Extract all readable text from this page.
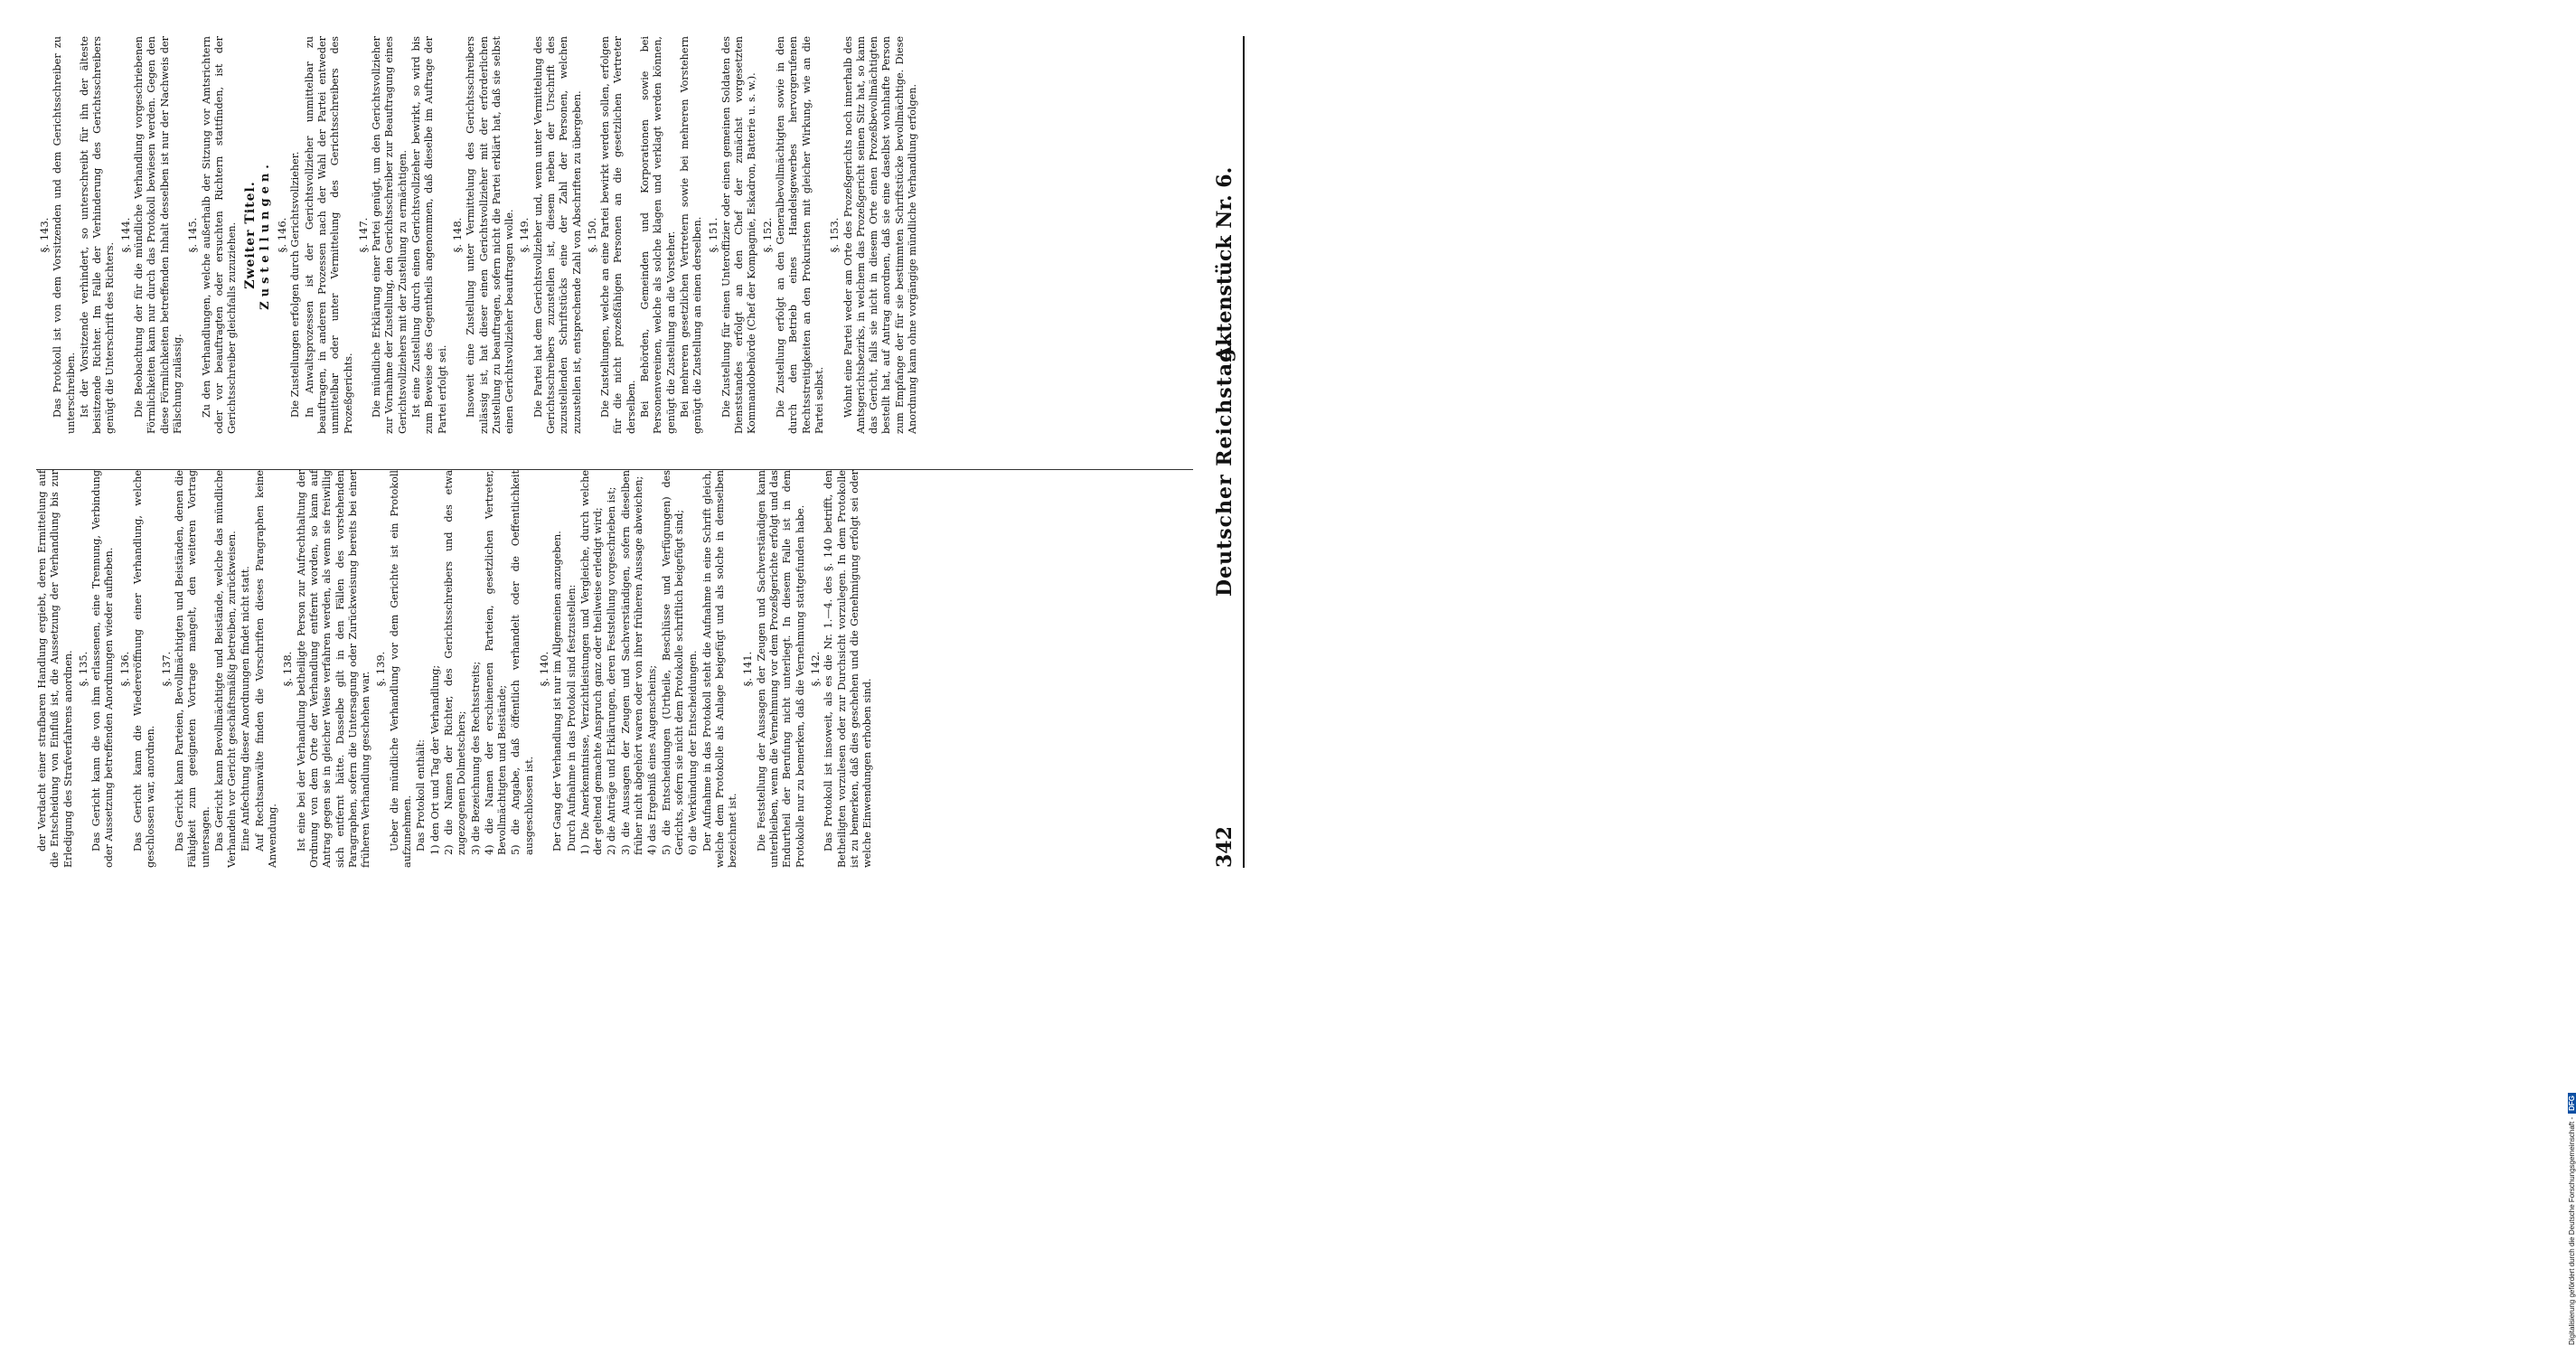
der Verdacht einer strafbaren Handlung ergiebt, deren Ermittelung auf die Entscheidung von Einfluß ist, die Aussetzung der Verhandlung bis zur Erledigung des Strafverfahrens anordnen. §. 135. Das Gericht kann die von ihm erlassenen, eine Trennung, Verbindung oder Aussetzung betreffenden Anordnungen wieder aufheben. §. 136. Das Gericht kann die Wiedereröffnung einer Verhandlung, welche geschlossen war, anordnen.

§. 137. Das Gericht kann Parteien, Bevollmächtigten und Beiständen, denen die Fähigkeit zum geeigneten Vortrage mangelt, den weiteren Vortrag untersagen. Das Gericht kann Bevollmächtigte und Beistände, welche das mündliche Verhandeln vor Gericht geschäftsmäßig betreiben, zurückweisen. Eine Anfechtung dieser Anordnungen findet nicht statt. Auf Rechtsanwälte finden die Vorschriften dieses Paragraphen keine Anwendung.

§. 138. Ist eine bei der Verhandlung betheiligte Person zur Aufrechthaltung der Ordnung von dem Orte der Verhandlung entfernt worden, so kann auf Antrag gegen sie in gleicher Weise verfahren werden, als wenn sie freiwillig sich entfernt hätte. Dasselbe gilt in den Fällen des vorstehenden Paragraphen, sofern die Untersagung oder Zurückweisung bereits bei einer früheren Verhandlung geschehen war.

§. 139. Ueber die mündliche Verhandlung vor dem Gerichte ist ein Protokoll aufzunehmen. Das Protokoll enthält: 1) den Ort und Tag der Verhandlung; 2) die Namen der Richter, des Gerichtsschreibers und des etwa zugezogenen Dolmetschers; 3) die Bezeichnung des Rechtsstreits; 4) die Namen der erschienenen Parteien, gesetzlichen Vertreter, Bevollmächtigten und Beistände; 5) die Angabe, daß öffentlich verhandelt oder die Oeffentlichkeit ausgeschlossen ist.
§. 140. Der Gang der Verhandlung ist nur im Allgemeinen anzugeben. Durch Aufnahme in das Protokoll sind festzustellen: 1) Die Anerkenntnisse, Verzichtleistungen und Vergleiche, durch welche der geltend gemachte Anspruch ganz oder theilweise erledigt wird; 2) die Anträge und Erklärungen, deren Feststellung vorgeschrieben ist; 3) die Aussagen der Zeugen und Sachverständigen, sofern dieselben früher nicht abgehört waren oder von ihrer früheren Aussage abweichen; 4) das Ergebniß eines Augenscheins; 5) die Entscheidungen (Urtheile, Beschlüsse und Verfügungen) des Gerichts, sofern sie nicht dem Protokolle schriftlich beigefügt sind; 6) die Verkündung der Entscheidungen. Der Aufnahme in das Protokoll steht die Aufnahme in eine Schrift gleich, welche dem Protokolle als Anlage beigefügt und als solche in demselben bezeichnet ist.

§. 141. Die Feststellung der Aussagen der Zeugen und Sachverständigen kann unterbleiben, wenn die Vernehmung vor dem Prozeßgerichte erfolgt und das Endurtheil der Berufung nicht unterliegt. In diesem Falle ist in dem Protokolle nur zu bemerken, daß die Vernehmung stattgefunden habe. §. 142. Das Protokoll ist insoweit, als es die Nr. 1.—4. des §. 140 betrifft, den Betheiligten vorzulesen oder zur Durchsicht vorzulegen. In dem Protokolle ist zu bemerken, daß dies geschehen und die Genehmigung erfolgt sei oder welche Einwendungen erhoben sind.

§. 143. Das Protokoll ist von dem Vorsitzenden und dem Gerichtsschreiber zu unterschreiben. Ist der Vorsitzende verhindert, so unterschreibt für ihn der älteste beisitzende Richter. Im Falle der Verhinderung des Gerichtsschreibers genügt die Unterschrift des Richters.

§. 144. Die Beobachtung der für die mündliche Verhandlung vorgeschriebenen Förmlichkeiten kann nur durch das Protokoll bewiesen werden. Gegen den diese Förmlichkeiten betreffenden Inhalt desselben ist nur der Nachweis der Fälschung zulässig.

§. 145. Zu den Verhandlungen, welche außerhalb der Sitzung vor Amtsrichtern oder vor beauftragten oder ersuchten Richtern stattfinden, ist der Gerichtsschreiber gleichfalls zuzuziehen. Zweiter Titel. Zustellungen. §. 146. Die Zustellungen erfolgen durch Gerichtsvollzieher. In Anwaltsprozessen ist der Gerichtsvollzieher unmittelbar zu beauftragen, in anderen Prozessen nach der Wahl der Partei entweder unmittelbar oder unter Vermittelung des Gerichtsschreibers des Prozeßgerichts.

§. 147. Die mündliche Erklärung einer Partei genügt, um den Gerichtsvollzieher zur Vornahme der Zustellung, den Gerichtsschreiber zur Beauftragung eines Gerichtsvollziehers mit der Zustellung zu ermächtigen. Ist eine Zustellung durch einen Gerichtsvollzieher bewirkt, so wird bis zum Beweise des Gegentheils angenommen, daß dieselbe im Auftrage der Partei erfolgt sei.

§. 148. Insoweit eine Zustellung unter Vermittelung des Gerichtsschreibers zulässig ist, hat dieser einen Gerichtsvollzieher mit der erforderlichen Zustellung zu beauftragen, sofern nicht die Partei erklärt hat, daß sie selbst einen Gerichtsvollzieher beauftragen wolle. §. 149. Die Partei hat dem Gerichtsvollzieher und, wenn unter Vermittelung des Gerichtsschreibers zuzustellen ist, diesem neben der Urschrift des zuzustellenden Schriftstücks eine der Zahl der Personen, welchen zuzustellen ist, entsprechende Zahl von Abschriften zu übergeben. §. 150. Die Zustellungen, welche an eine Partei bewirkt werden sollen, erfolgen für die nicht prozeßfähigen Personen an die gesetzlichen Vertreter derselben. Bei Behörden, Gemeinden und Korporationen sowie bei Personenvereinen, welche als solche klagen und verklagt werden können, genügt die Zustellung an die Vorsteher. Bei mehreren gesetzlichen Vertretern sowie bei mehreren Vorstehern genügt die Zustellung an einen derselben. §. 151. Die Zustellung für einen Unteroffizier oder einen gemeinen Soldaten des Dienststandes erfolgt an den Chef der zunächst vorgesetzten Kommandobehörde (Chef der Kompagnie, Eskadron, Batterie u. s. w.). §. 152. Die Zustellung erfolgt an den Generalbevollmächtigten sowie in den durch den Betrieb eines Handelsgewerbes hervorgerufenen Rechtsstreitigkeiten an den Prokuristen mit gleicher Wirkung, wie an die Partei selbst.

§. 153. Wohnt eine Partei weder am Orte des Prozeßgerichts noch innerhalb des Amtsgerichtsbezirks, in welchem das Prozeßgericht seinen Sitz hat, so kann das Gericht, falls sie nicht in diesem Orte einen Prozeßbevollmächtigten bestellt hat, auf Antrag anordnen, daß sie eine daselbst wohnhafte Person zum Empfange der für sie bestimmten Schriftstücke bevollmächtige. Diese Anordnung kann ohne vorgängige mündliche Verhandlung erfolgen.

342
Deutscher Reichstag.
Aktenstück Nr. 6.
Digitalisierung gefördert durch die Deutsche Forschungsgemeinschaft -DFG
